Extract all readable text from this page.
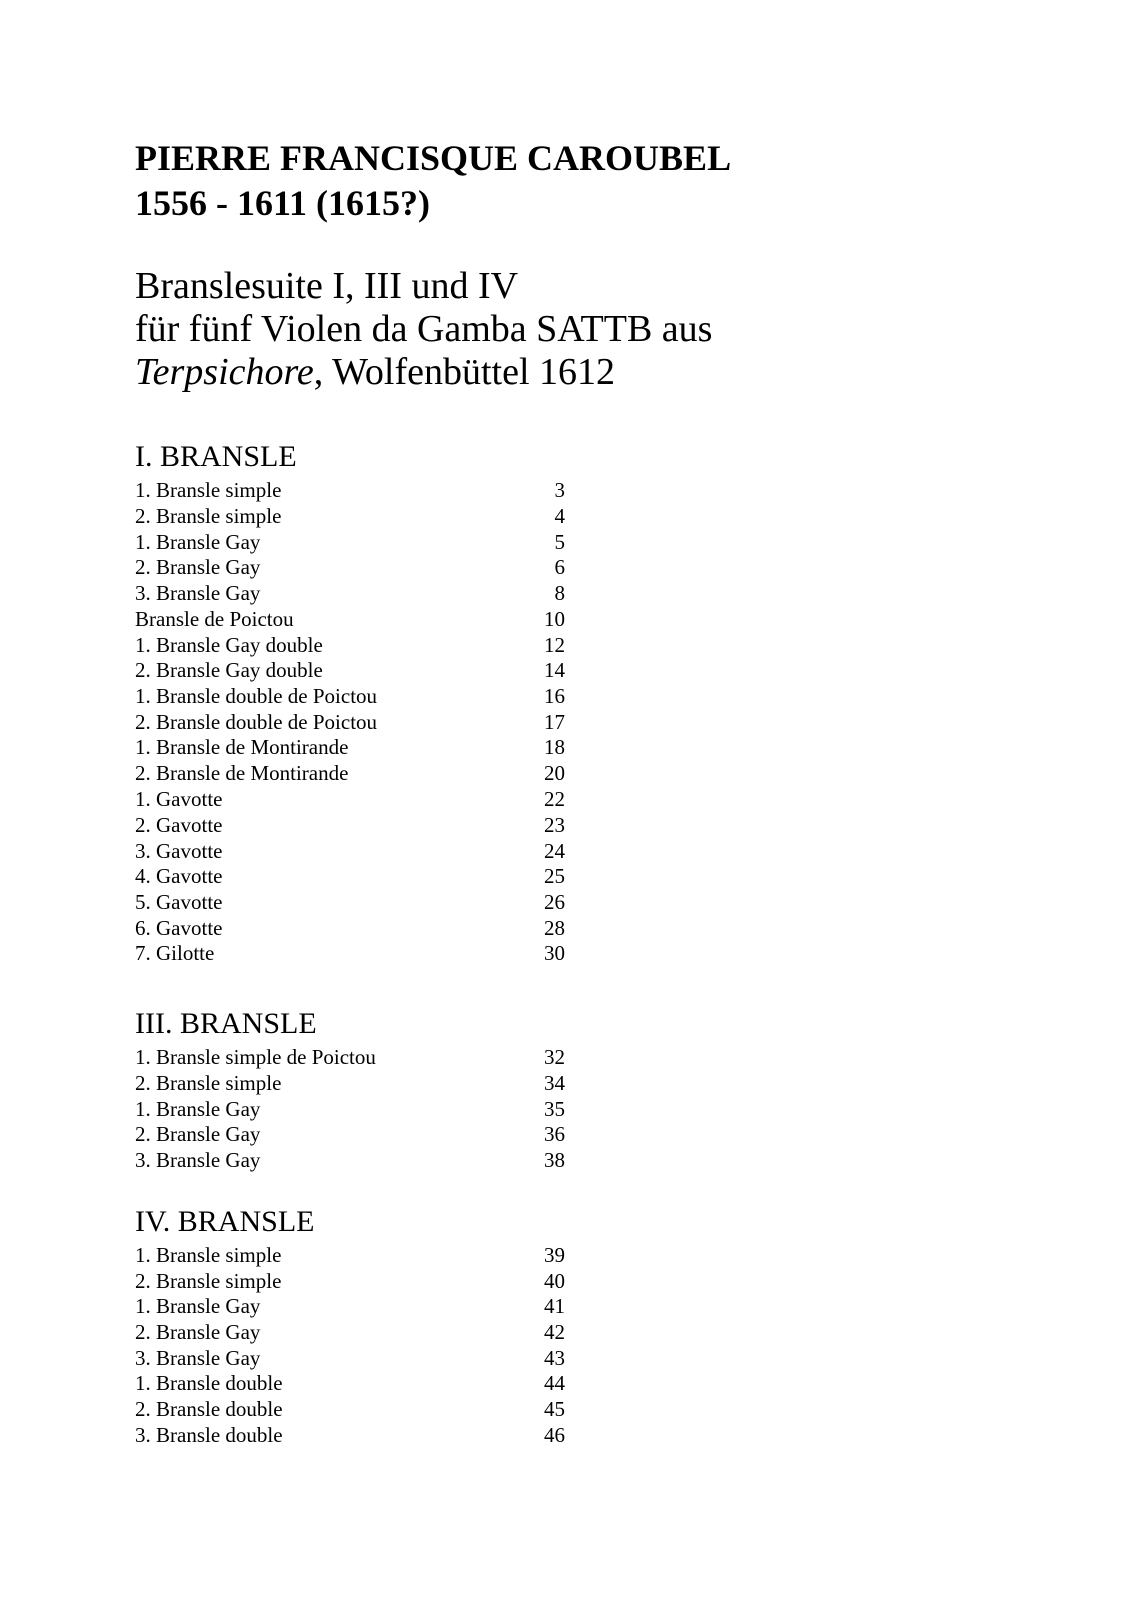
PIERRE FRANCISQUE CAROUBEL
1556 - 1611 (1615?)
Branslesuite I, III und IV
für fünf Violen da Gamba SATTB aus
Terpsichore, Wolfenbüttel 1612
I. BRANSLE
1. Bransle simple	3
2. Bransle simple	4
1. Bransle Gay	5
2. Bransle Gay	6
3. Bransle Gay	8
Bransle de Poictou	10
1. Bransle Gay double	12
2. Bransle Gay double	14
1. Bransle double de Poictou	16
2. Bransle double de Poictou	17
1. Bransle de Montirande	18
2. Bransle de Montirande	20
1. Gavotte	22
2. Gavotte	23
3. Gavotte	24
4. Gavotte	25
5. Gavotte	26
6. Gavotte	28
7. Gilotte	30
III. BRANSLE
1. Bransle simple de Poictou	32
2. Bransle simple	34
1. Bransle Gay	35
2. Bransle Gay	36
3. Bransle Gay	38
IV. BRANSLE
1. Bransle simple	39
2. Bransle simple	40
1. Bransle Gay	41
2. Bransle Gay	42
3. Bransle Gay	43
1. Bransle double	44
2. Bransle double	45
3. Bransle double	46
